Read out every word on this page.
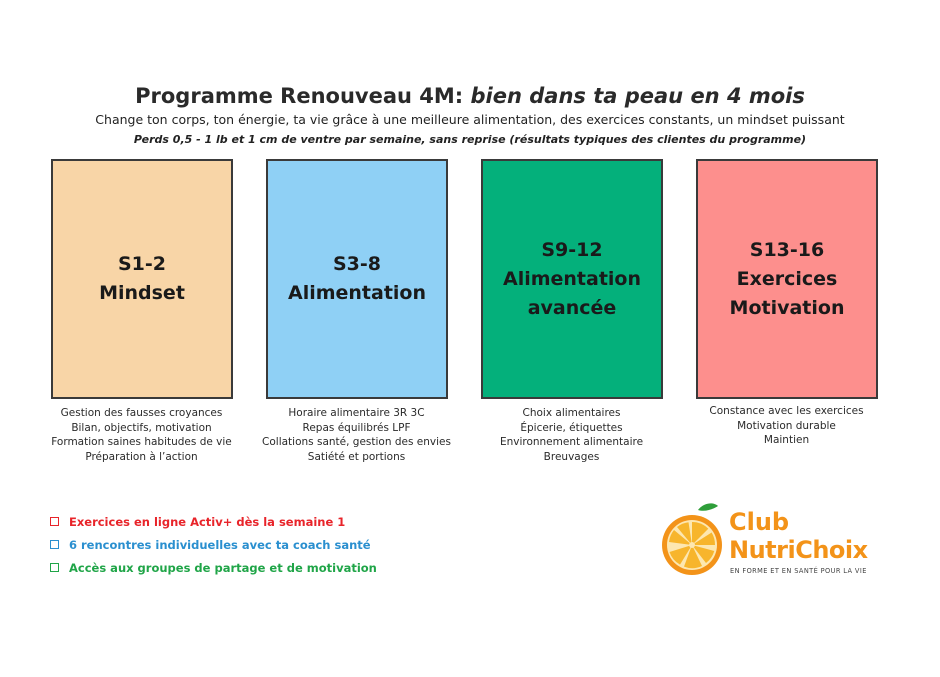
Programme Renouveau 4M: bien dans ta peau en 4 mois
Change ton corps, ton énergie, ta vie grâce à une meilleure alimentation, des exercices constants, un mindset puissant
Perds 0,5 - 1 lb et 1 cm de ventre par semaine, sans reprise (résultats typiques des clientes du programme)
S1-2
Mindset
S3-8
Alimentation
S9-12
Alimentation
avancée
S13-16
Exercices
Motivation
Gestion des fausses croyances
Bilan, objectifs, motivation
Formation saines habitudes de vie
Préparation à l’action
Horaire alimentaire 3R 3C
Repas équilibrés LPF
Collations santé, gestion des envies
Satiété et portions
Choix alimentaires
Épicerie, étiquettes
Environnement alimentaire
Breuvages
Constance avec les exercices
Motivation durable
Maintien
Exercices en ligne Activ+ dès la semaine 1
6 rencontres individuelles avec ta coach santé
Accès aux groupes de partage et de motivation
Club
NutriChoix
EN FORME ET EN SANTÉ POUR LA VIE
